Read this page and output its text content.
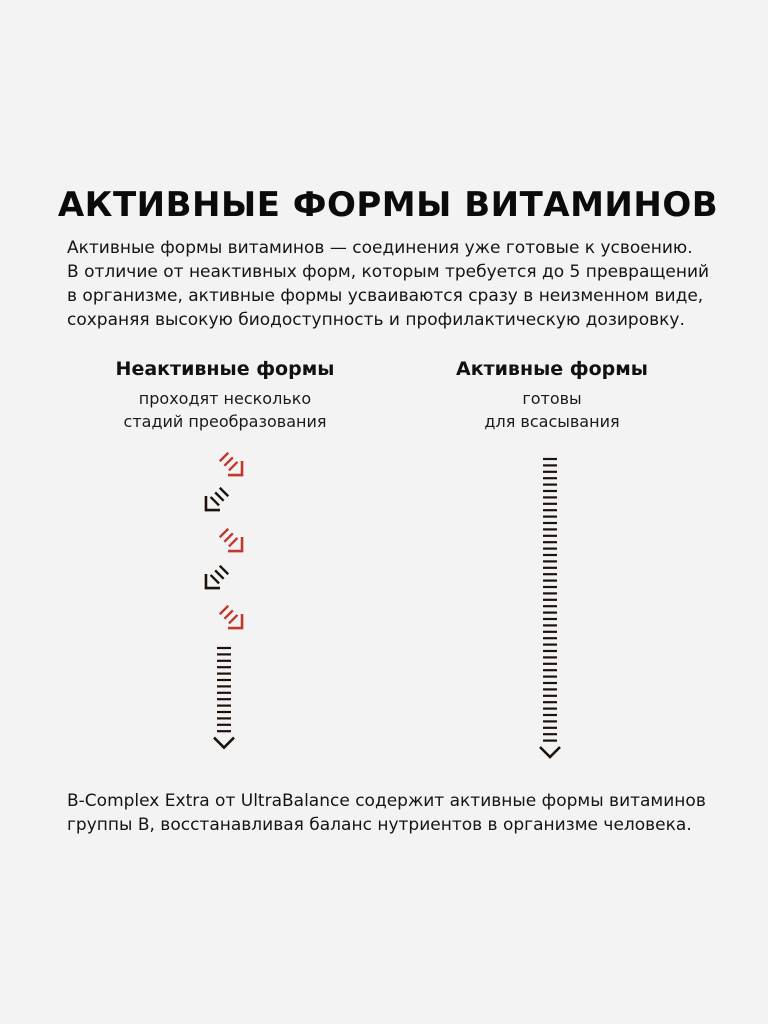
АКТИВНЫЕ ФОРМЫ ВИТАМИНОВ
Активные формы витаминов — соединения уже готовые к усвоению.
В отличие от неактивных форм, которым требуется до 5 превращений
в организме, активные формы усваиваются сразу в неизменном виде,
сохраняя высокую биодоступность и профилактическую дозировку.
Неактивные формы
проходят несколько
стадий преобразования
Активные формы
готовы
для всасывания
B-Complex Extra от UltraBalance содержит активные формы витаминов
группы B, восстанавливая баланс нутриентов в организме человека.
